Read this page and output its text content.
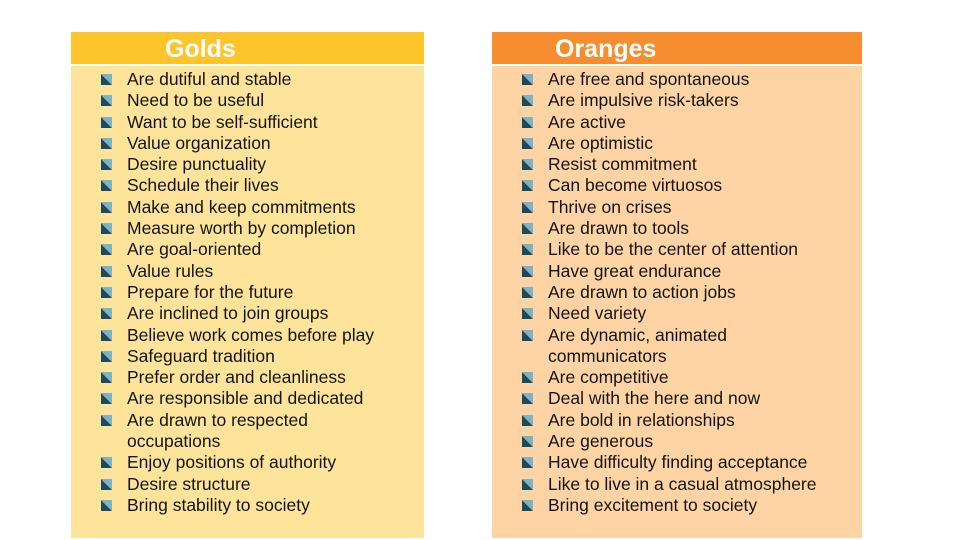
Golds
Are dutiful and stable
Need to be useful
Want to be self-sufficient
Value organization
Desire punctuality
Schedule their lives
Make and keep commitments
Measure worth by completion
Are goal-oriented
Value rules
Prepare for the future
Are inclined to join groups
Believe work comes before play
Safeguard tradition
Prefer order and cleanliness
Are responsible and dedicated
Are drawn to respected occupations
Enjoy positions of authority
Desire structure
Bring stability to society
Oranges
Are free and spontaneous
Are impulsive risk-takers
Are active
Are optimistic
Resist commitment
Can become virtuosos
Thrive on crises
Are drawn to tools
Like to be the center of attention
Have great endurance
Are drawn to action jobs
Need variety
Are dynamic, animated communicators
Are competitive
Deal with the here and now
Are bold in relationships
Are generous
Have difficulty finding acceptance
Like to live in a casual atmosphere
Bring excitement to society
